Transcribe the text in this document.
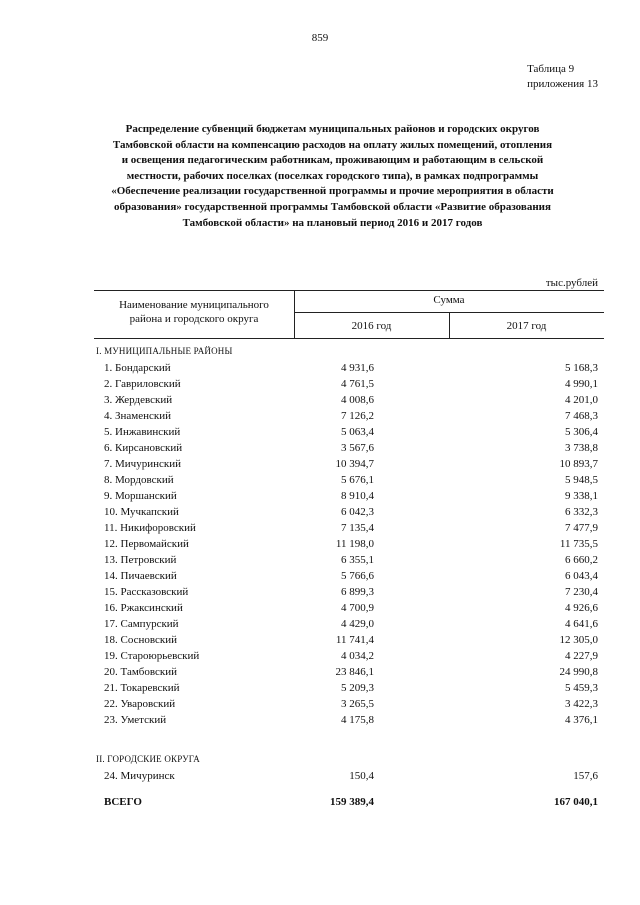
859
Таблица 9
приложения 13
Распределение субвенций бюджетам муниципальных районов и городских округов
Тамбовской области на компенсацию расходов на оплату жилых помещений, отопления
и освещения педагогическим работникам, проживающим и работающим в сельской
местности, рабочих поселках (поселках городского типа), в рамках подпрограммы
«Обеспечение реализации государственной программы и прочие мероприятия в области
образования» государственной программы Тамбовской области «Развитие образования
Тамбовской области» на плановый период 2016 и 2017 годов
тыс.рублей
Наименование муниципального
района и городского округа
Сумма
2016 год	2017 год
I. МУНИЦИПАЛЬНЫЕ РАЙОНЫ
1. Бондарский	4 931,6	5 168,3
2. Гавриловский	4 761,5	4 990,1
3. Жердевский	4 008,6	4 201,0
4. Знаменский	7 126,2	7 468,3
5. Инжавинский	5 063,4	5 306,4
6. Кирсановский	3 567,6	3 738,8
7. Мичуринский	10 394,7	10 893,7
8. Мордовский	5 676,1	5 948,5
9. Моршанский	8 910,4	9 338,1
10. Мучкапский	6 042,3	6 332,3
11. Никифоровский	7 135,4	7 477,9
12. Первомайский	11 198,0	11 735,5
13. Петровский	6 355,1	6 660,2
14. Пичаевский	5 766,6	6 043,4
15. Рассказовский	6 899,3	7 230,4
16. Ржаксинский	4 700,9	4 926,6
17. Сампурский	4 429,0	4 641,6
18. Сосновский	11 741,4	12 305,0
19. Староюрьевский	4 034,2	4 227,9
20. Тамбовский	23 846,1	24 990,8
21. Токаревский	5 209,3	5 459,3
22. Уваровский	3 265,5	3 422,3
23. Уметский	4 175,8	4 376,1
II. ГОРОДСКИЕ ОКРУГА
24. Мичуринск	150,4	157,6
ВСЕГО	159 389,4	167 040,1
